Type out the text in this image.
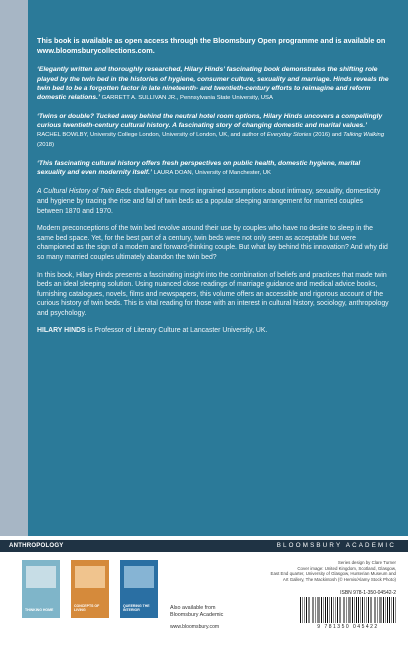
This book is available as open access through the Bloomsbury Open programme and is available on www.bloomsburycollections.com.

‘Elegantly written and thoroughly researched, Hilary Hinds’ fascinating book demonstrates the shifting role played by the twin bed in the histories of hygiene, consumer culture, sexuality and marriage. Hinds reveals the twin bed to be a forgotten factor in late nineteenth- and twentieth-century efforts to reimagine and reform domestic relations.’ GARRETT A. SULLIVAN JR., Pennsylvania State University, USA
‘Twins or double? Tucked away behind the neutral hotel room options, Hilary Hinds uncovers a compellingly curious twentieth-century cultural history. A fascinating story of changing domestic and marital values.’ RACHEL BOWLBY, University College London, University of London, UK, and author of Everyday Stories (2016) and Talking Walking (2018)
‘This fascinating cultural history offers fresh perspectives on public health, domestic hygiene, marital sexuality and even modernity itself.’ LAURA DOAN, University of Manchester, UK

A Cultural History of Twin Beds challenges our most ingrained assumptions about intimacy, sexuality, domesticity and hygiene by tracing the rise and fall of twin beds as a popular sleeping arrangement for married couples between 1870 and 1970.

Modern preconceptions of the twin bed revolve around their use by couples who have no desire to sleep in the same bed space. Yet, for the best part of a century, twin beds were not only seen as acceptable but were championed as the sign of a modern and forward-thinking couple. But what lay behind this innovation? And why did so many married couples ultimately abandon the twin bed?

In this book, Hilary Hinds presents a fascinating insight into the combination of beliefs and practices that made twin beds an ideal sleeping solution. Using nuanced close readings of marriage guidance and medical advice books, furnishing catalogues, novels, films and newspapers, this volume offers an accessible and rigorous account of the curious history of twin beds. This is vital reading for those with an interest in cultural history, sociology, anthropology and psychology.

HILARY HINDS is Professor of Literary Culture at Lancaster University, UK.

ANTHROPOLOGY	BLOOMSBURY ACADEMIC
THINKING HOME
CONCEPTS OF LIVING
QUEERING THE INTERIOR	Also available from
Bloomsbury Academic
www.bloomsbury.com
Series design by Clare Turner
Cover image: United Kingdom, Scotland, Glasgow,
East End quarter, University of Glasgow, Hunterian Museum and
Art Gallery, The Mackintosh (© Hemis/Alamy Stock Photo)
ISBN 978-1-350-04542-2
9 781350 045422
